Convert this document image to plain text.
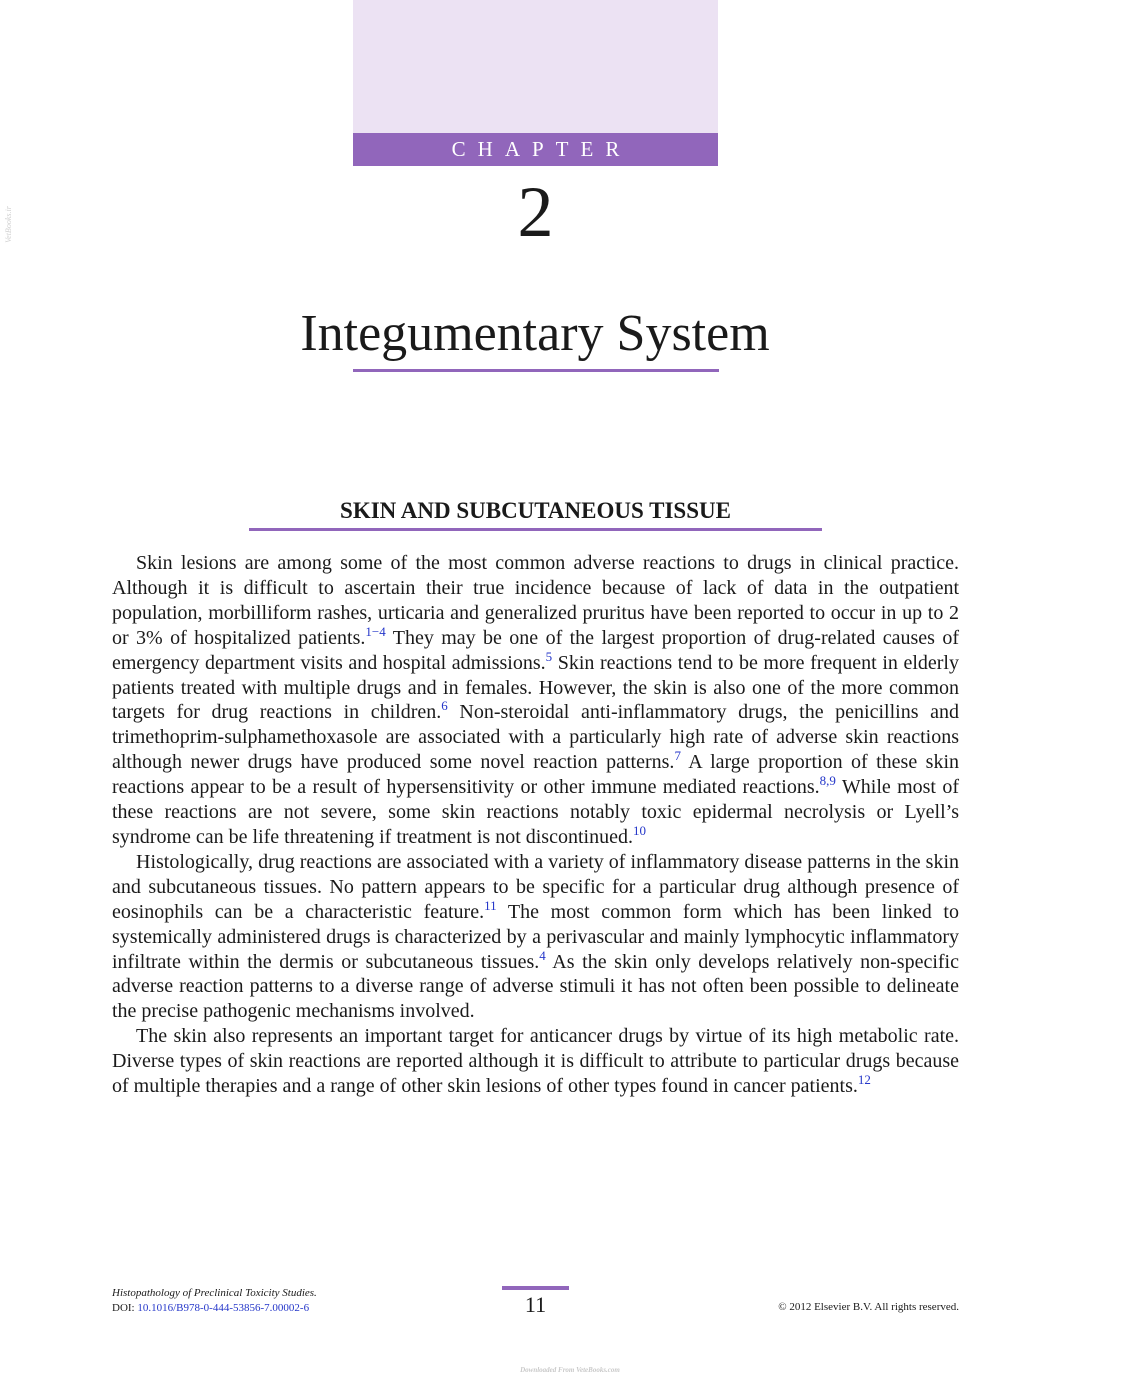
CHAPTER
2
Integumentary System
SKIN AND SUBCUTANEOUS TISSUE

Skin lesions are among some of the most common adverse reactions to drugs in clinical practice. Although it is difficult to ascertain their true incidence because of lack of data in the outpatient population, morbilliform rashes, urticaria and generalized pruritus have been reported to occur in up to 2 or 3% of hospitalized patients.$^{1-4}$ They may be one of the largest proportion of drug-related causes of emergency department visits and hospital admissions.$^5$ Skin reactions tend to be more frequent in elderly patients treated with multiple drugs and in females. However, the skin is also one of the more common targets for drug reactions in children.$^6$ Non-steroidal anti-inflammatory drugs, the penicillins and trimethoprim-sulphamethoxasole are associated with a particularly high rate of adverse skin reactions although newer drugs have produced some novel reaction patterns.$^7$ A large proportion of these skin reactions appear to be a result of hypersensitivity or other immune mediated reactions.$^{8,9}$ While most of these reactions are not severe, some skin reactions notably toxic epidermal necrolysis or Lyell’s syndrome can be life threatening if treatment is not discontinued.$^{10}$

Histologically, drug reactions are associated with a variety of inflammatory disease patterns in the skin and subcutaneous tissues. No pattern appears to be specific for a particular drug although presence of eosinophils can be a characteristic feature.$^{11}$ The most common form which has been linked to systemically administered drugs is characterized by a perivascular and mainly lymphocytic inflammatory infiltrate within the dermis or subcutaneous tissues.$^4$ As the skin only develops relatively non-specific adverse reaction patterns to a diverse range of adverse stimuli it has not often been possible to delineate the precise pathogenic mechanisms involved.

The skin also represents an important target for anticancer drugs by virtue of its high metabolic rate. Diverse types of skin reactions are reported although it is difficult to attribute to particular drugs because of multiple therapies and a range of other skin lesions of other types found in cancer patients.$^{12}$

Histopathology of Preclinical Toxicity Studies.
DOI: 10.1016/B978-0-444-53856-7.00002-6	11	© 2012 Elsevier B.V. All rights reserved.
Downloaded From VeteBooks.com
VetBooks.ir
